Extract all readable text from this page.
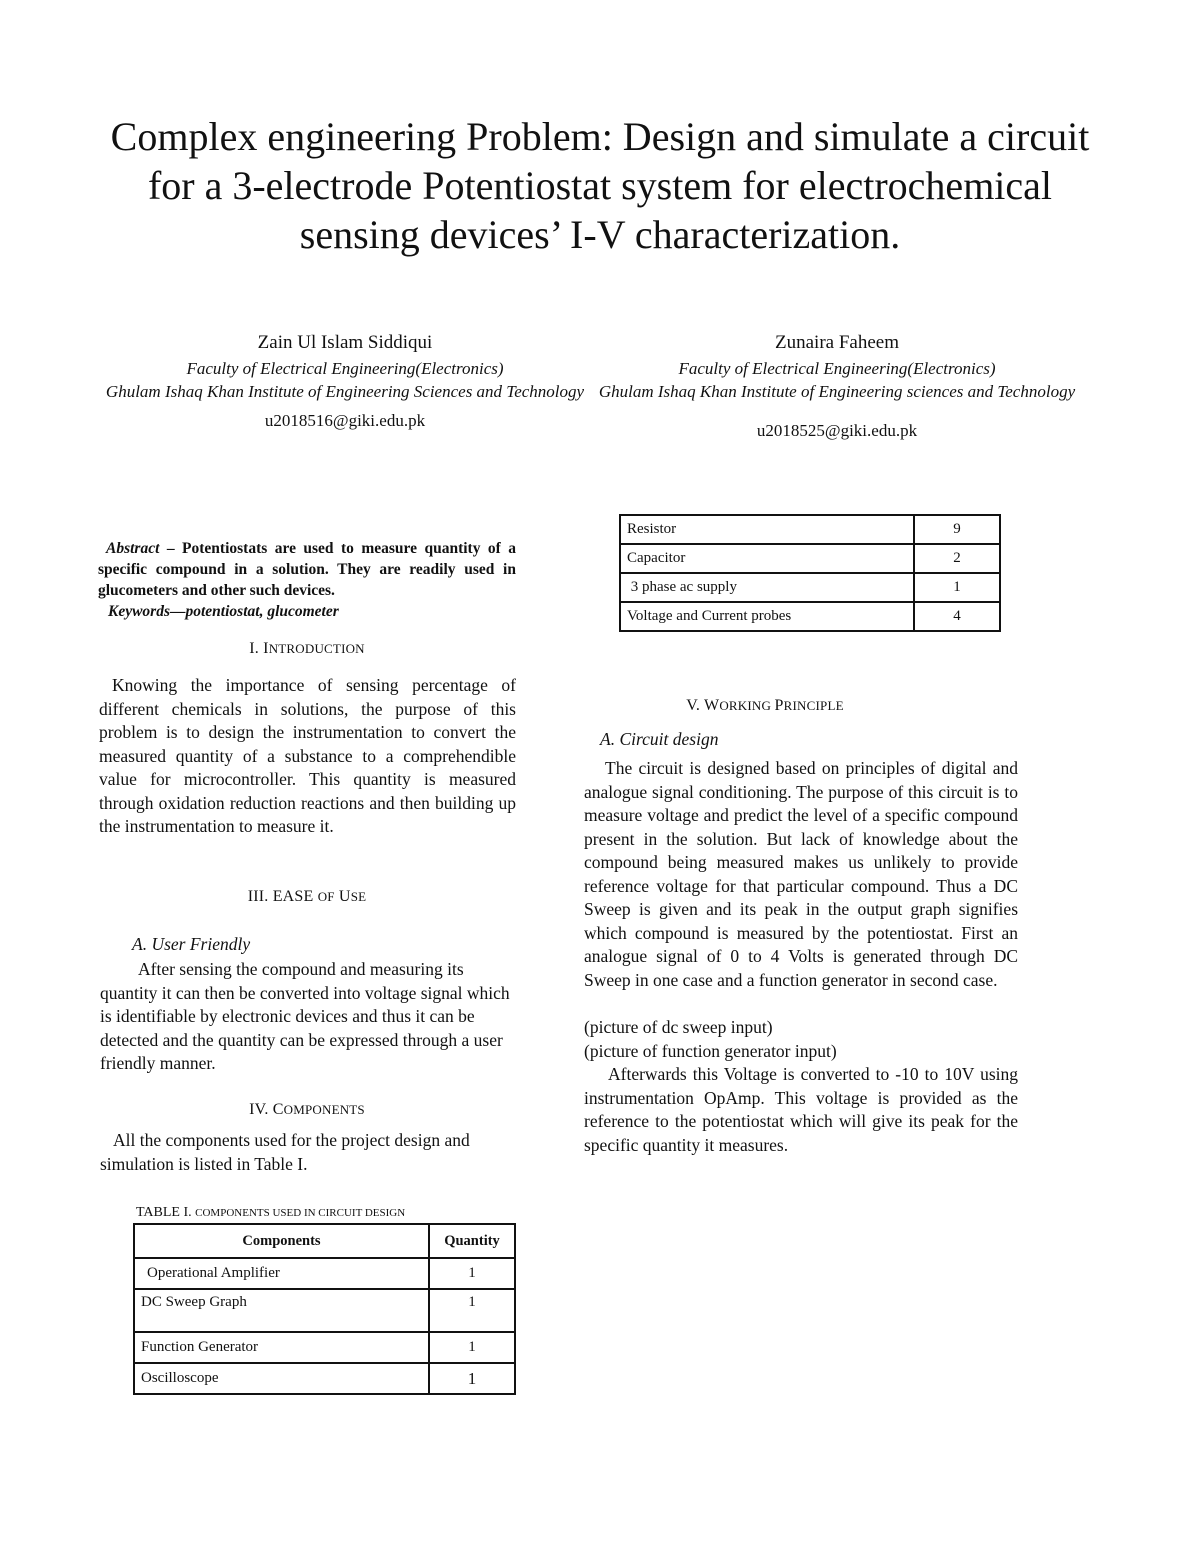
Complex engineering Problem: Design and simulate a circuit for a 3-electrode Potentiostat system for electrochemical sensing devices’ I-V characterization.
Zain Ul Islam Siddiqui
Faculty of Electrical Engineering(Electronics)
Ghulam Ishaq Khan Institute of Engineering Sciences and Technology
u2018516@giki.edu.pk
Zunaira Faheem
Faculty of Electrical Engineering(Electronics)
Ghulam Ishaq Khan Institute of Engineering sciences and Technology
u2018525@giki.edu.pk
Abstract – Potentiostats are used to measure quantity of a specific compound in a solution. They are readily used in glucometers and other such devices.
Keywords—potentiostat, glucometer
I. INTRODUCTION
Knowing the importance of sensing percentage of different chemicals in solutions, the purpose of this problem is to design the instrumentation to convert the measured quantity of a substance to a comprehendible value for microcontroller. This quantity is measured through oxidation reduction reactions and then building up the instrumentation to measure it.
III. EASE OF USE
A. User Friendly
After sensing the compound and measuring its quantity it can then be converted into voltage signal which is identifiable by electronic devices and thus it can be detected and the quantity can be expressed through a user friendly manner.
IV. COMPONENTS
All the components used for the project design and simulation is listed in Table I.
TABLE I. COMPONENTS USED IN CIRCUIT DESIGN
Components	Quantity
Operational Amplifier	1
DC Sweep Graph	1
Function Generator	1
Oscilloscope	1
Resistor	9
Capacitor	2
3 phase ac supply	1
Voltage and Current probes	4
V. WORKING PRINCIPLE
A. Circuit design
The circuit is designed based on principles of digital and analogue signal conditioning. The purpose of this circuit is to measure voltage and predict the level of a specific compound present in the solution. But lack of knowledge about the compound being measured makes us unlikely to provide reference voltage for that particular compound. Thus a DC Sweep is given and its peak in the output graph signifies which compound is measured by the potentiostat. First an analogue signal of 0 to 4 Volts is generated through DC Sweep in one case and a function generator in second case.
(picture of dc sweep input)
(picture of function generator input)
Afterwards this Voltage is converted to -10 to 10V using instrumentation OpAmp. This voltage is provided as the reference to the potentiostat which will give its peak for the specific quantity it measures.
